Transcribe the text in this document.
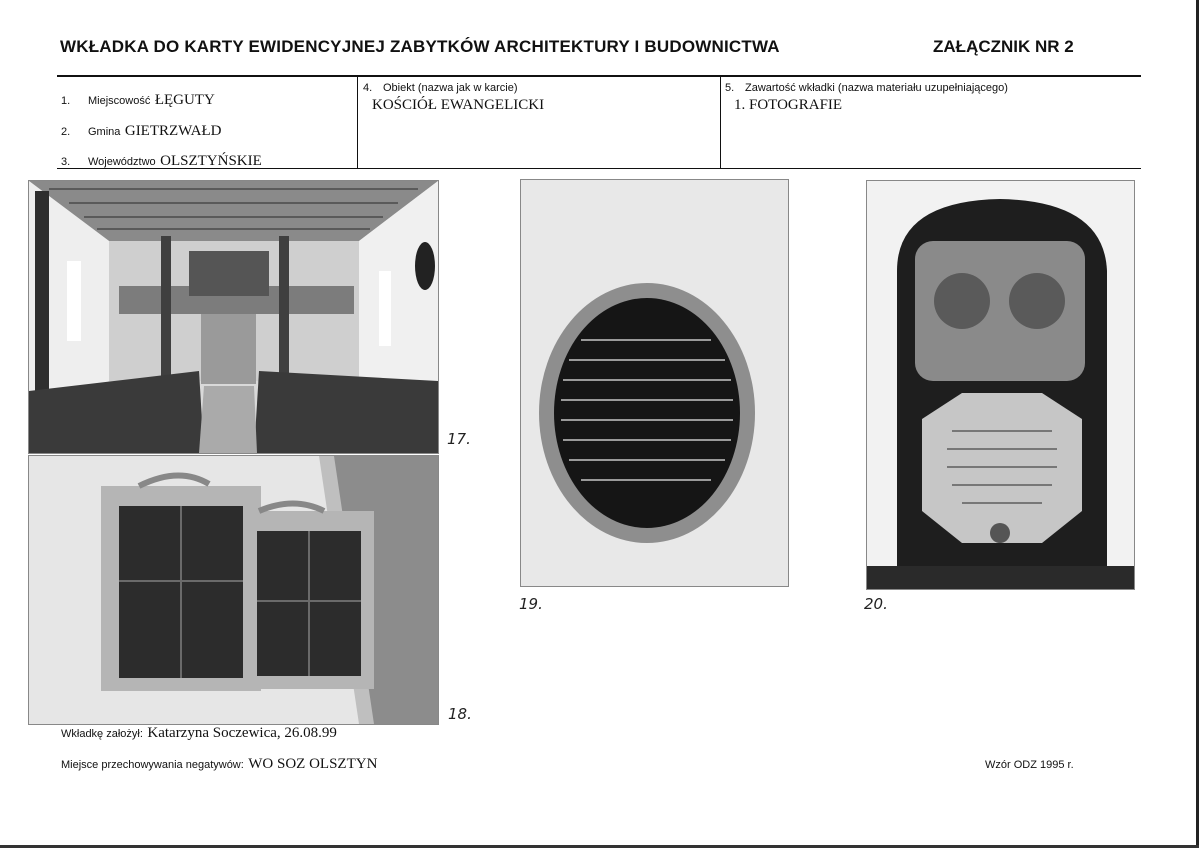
WKŁADKA DO KARTY EWIDENCYJNEJ ZABYTKÓW ARCHITEKTURY I BUDOWNICTWA	ZAŁĄCZNIK NR 2
1. Miejscowość ŁĘGUTY
2. Gmina GIETRZWAŁD
3. Województwo OLSZTYŃSKIE
4. Obiekt (nazwa jak w karcie)
KOŚCIÓŁ EWANGELICKI
5. Zawartość wkładki (nazwa materiału uzupełniającego)
1. FOTOGRAFIE
17.
18.
19.	20.
Wkładkę założył: Katarzyna Soczewica, 26.08.99
Miejsce przechowywania negatywów: WO SOZ OLSZTYN	Wzór ODZ 1995 r.
